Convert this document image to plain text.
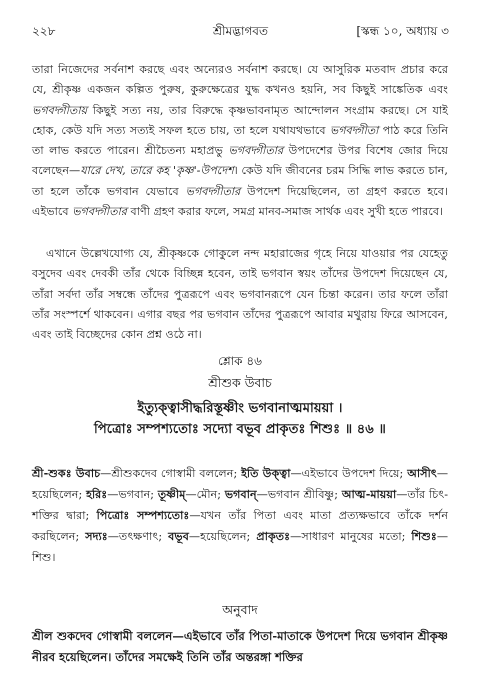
২২৮	শ্রীমদ্ভাগবত	[স্কন্ধ ১০, অধ্যায় ৩

তারা নিজেদের সর্বনাশ করছে এবং অন্যেরও সর্বনাশ করছে। যে আসুরিক মতবাদ প্রচার করে যে, শ্রীকৃষ্ণ একজন কল্পিত পুরুষ, কুরুক্ষেত্রের যুদ্ধ কখনও হয়নি, সব কিছুই সাঙ্কেতিক এবং ভগবদ্গীতায় কিছুই সত্য নয়, তার বিরুদ্ধে কৃষ্ণভাবনামৃত আন্দোলন সংগ্রাম করছে। সে যাই হোক, কেউ যদি সত্য সত্যই সফল হতে চায়, তা হলে যথাযথভাবে ভগবদ্গীতা পাঠ করে তিনি তা লাভ করতে পারেন। শ্রীচৈতন্য মহাপ্রভু ভগবদ্গীতার উপদেশের উপর বিশেষ জোর দিয়ে বলেছেন—যারে দেখ, তারে কহ 'কৃষ্ণ'-উপদেশ। কেউ যদি জীবনের চরম সিদ্ধি লাভ করতে চান, তা হলে তাঁকে ভগবান যেভাবে ভগবদ্গীতার উপদেশ দিয়েছিলেন, তা গ্রহণ করতে হবে। এইভাবে ভগবদ্গীতার বাণী গ্রহণ করার ফলে, সমগ্র মানব-সমাজ সার্থক এবং সুখী হতে পারবে।

এখানে উল্লেখযোগ্য যে, শ্রীকৃষ্ণকে গোকুলে নন্দ মহারাজের গৃহে নিয়ে যাওয়ার পর যেহেতু বসুদেব এবং দেবকী তাঁর থেকে বিচ্ছিন্ন হবেন, তাই ভগবান স্বয়ং তাঁদের উপদেশ দিয়েছেন যে, তাঁরা সর্বদা তাঁর সম্বন্ধে তাঁদের পুত্ররূপে এবং ভগবানরূপে যেন চিন্তা করেন। তার ফলে তাঁরা তাঁর সংস্পর্শে থাকবেন। এগার বছর পর ভগবান তাঁদের পুত্ররূপে আবার মথুরায় ফিরে আসবেন, এবং তাই বিচ্ছেদের কোন প্রশ্ন ওঠে না।

শ্লোক ৪৬

শ্রীশুক উবাচ

ইত্যুক্ত্বাসীদ্ধরিস্তূষ্ণীং ভগবানাত্মমায়য়া ।
পিত্রোঃ সম্পশ্যতোঃ সদ্যো বভূব প্রাকৃতঃ শিশুঃ ॥ ৪৬ ॥

শ্রী-শুকঃ উবাচ—শ্রীশুকদেব গোস্বামী বললেন; ইতি উক্ত্বা—এইভাবে উপদেশ দিয়ে; আসীৎ—হয়েছিলেন; হরিঃ—ভগবান; তূষ্ণীম্—মৌন; ভগবান্—ভগবান শ্রীবিষ্ণু; আত্ম-মায়য়া—তাঁর চিৎ-শক্তির দ্বারা; পিত্রোঃ সম্পশ্যতোঃ—যখন তাঁর পিতা এবং মাতা প্রত্যক্ষভাবে তাঁকে দর্শন করছিলেন; সদ্যঃ—তৎক্ষণাৎ; বভূব—হয়েছিলেন; প্রাকৃতঃ—সাধারণ মানুষের মতো; শিশুঃ—শিশু।

অনুবাদ

শ্রীল শুকদেব গোস্বামী বললেন—এইভাবে তাঁর পিতা-মাতাকে উপদেশ দিয়ে ভগবান শ্রীকৃষ্ণ নীরব হয়েছিলেন। তাঁদের সমক্ষেই তিনি তাঁর অন্তরঙ্গা শক্তির
